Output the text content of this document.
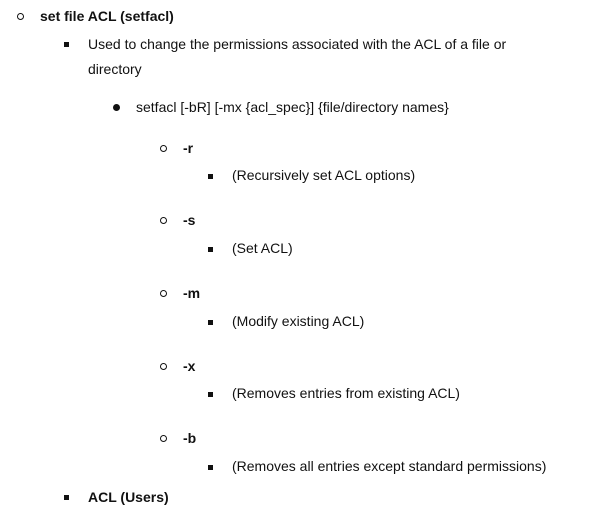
set file ACL (setfacl)
Used to change the permissions associated with the ACL of a file or
directory
setfacl [-bR] [-mx {acl_spec}] {file/directory names}
-r
(Recursively set ACL options)
-s
(Set ACL)
-m
(Modify existing ACL)
-x
(Removes entries from existing ACL)
-b
(Removes all entries except standard permissions)
ACL (Users)
